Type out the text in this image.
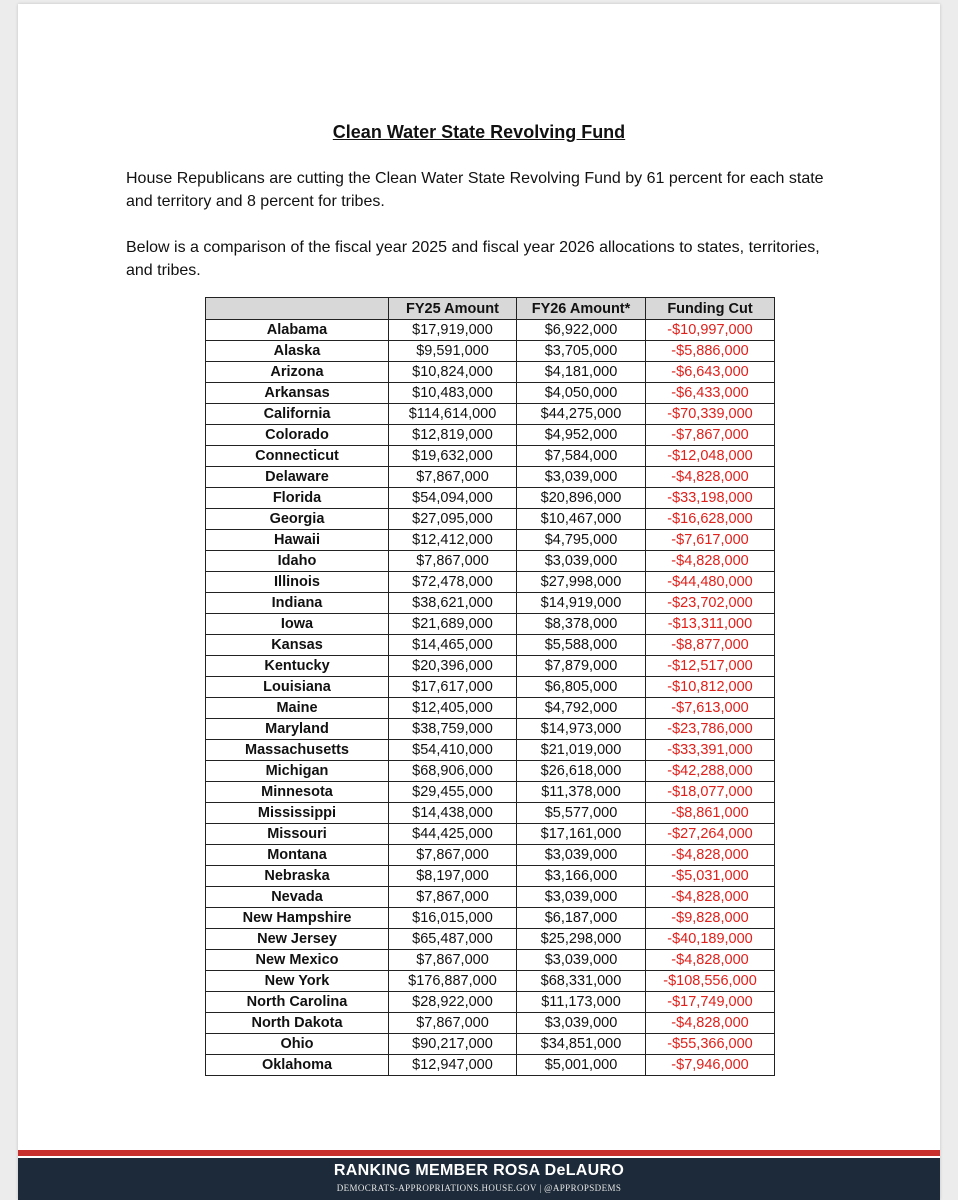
Clean Water State Revolving Fund

House Republicans are cutting the Clean Water State Revolving Fund by 61 percent for each state and territory and 8 percent for tribes.

Below is a comparison of the fiscal year 2025 and fiscal year 2026 allocations to states, territories, and tribes.

	FY25 Amount	FY26 Amount*	Funding Cut
Alabama	$17,919,000	$6,922,000	-$10,997,000
Alaska	$9,591,000	$3,705,000	-$5,886,000
Arizona	$10,824,000	$4,181,000	-$6,643,000
Arkansas	$10,483,000	$4,050,000	-$6,433,000
California	$114,614,000	$44,275,000	-$70,339,000
Colorado	$12,819,000	$4,952,000	-$7,867,000
Connecticut	$19,632,000	$7,584,000	-$12,048,000
Delaware	$7,867,000	$3,039,000	-$4,828,000
Florida	$54,094,000	$20,896,000	-$33,198,000
Georgia	$27,095,000	$10,467,000	-$16,628,000
Hawaii	$12,412,000	$4,795,000	-$7,617,000
Idaho	$7,867,000	$3,039,000	-$4,828,000
Illinois	$72,478,000	$27,998,000	-$44,480,000
Indiana	$38,621,000	$14,919,000	-$23,702,000
Iowa	$21,689,000	$8,378,000	-$13,311,000
Kansas	$14,465,000	$5,588,000	-$8,877,000
Kentucky	$20,396,000	$7,879,000	-$12,517,000
Louisiana	$17,617,000	$6,805,000	-$10,812,000
Maine	$12,405,000	$4,792,000	-$7,613,000
Maryland	$38,759,000	$14,973,000	-$23,786,000
Massachusetts	$54,410,000	$21,019,000	-$33,391,000
Michigan	$68,906,000	$26,618,000	-$42,288,000
Minnesota	$29,455,000	$11,378,000	-$18,077,000
Mississippi	$14,438,000	$5,577,000	-$8,861,000
Missouri	$44,425,000	$17,161,000	-$27,264,000
Montana	$7,867,000	$3,039,000	-$4,828,000
Nebraska	$8,197,000	$3,166,000	-$5,031,000
Nevada	$7,867,000	$3,039,000	-$4,828,000
New Hampshire	$16,015,000	$6,187,000	-$9,828,000
New Jersey	$65,487,000	$25,298,000	-$40,189,000
New Mexico	$7,867,000	$3,039,000	-$4,828,000
New York	$176,887,000	$68,331,000	-$108,556,000
North Carolina	$28,922,000	$11,173,000	-$17,749,000
North Dakota	$7,867,000	$3,039,000	-$4,828,000
Ohio	$90,217,000	$34,851,000	-$55,366,000
Oklahoma	$12,947,000	$5,001,000	-$7,946,000
RANKING MEMBER ROSA DeLAURO
DEMOCRATS-APPROPRIATIONS.HOUSE.GOV | @APPROPSDEMS
